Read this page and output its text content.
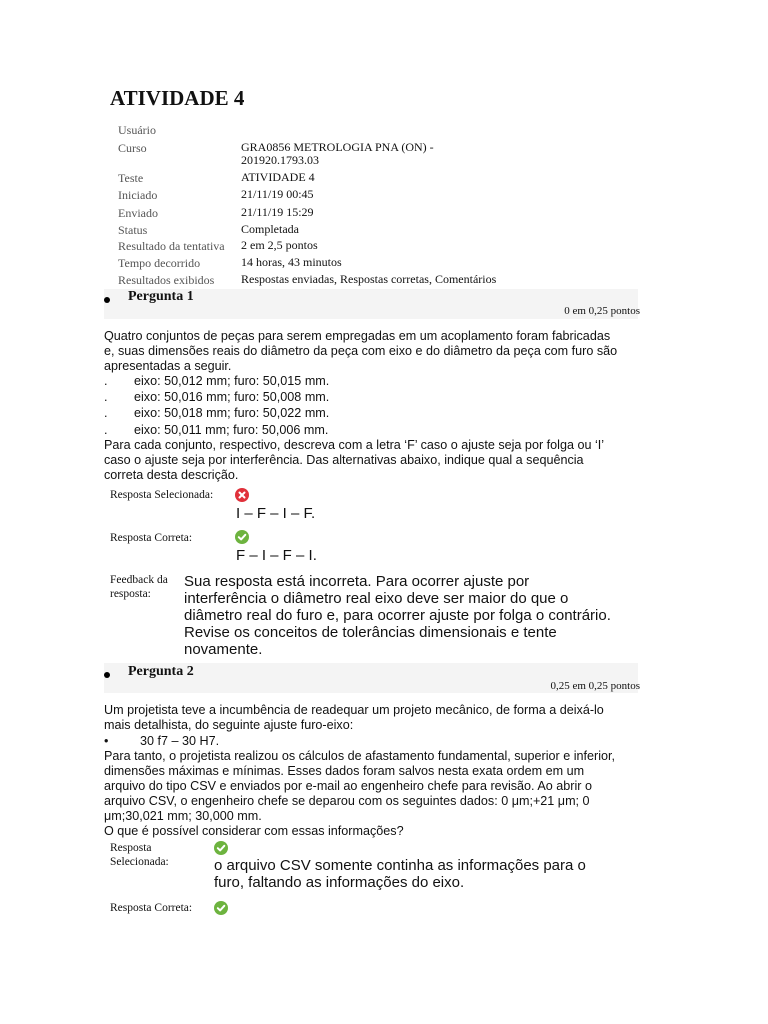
ATIVIDADE 4
Usuário
Curso	GRA0856 METROLOGIA PNA (ON) -
201920.1793.03
Teste	ATIVIDADE 4
Iniciado	21/11/19 00:45
Enviado	21/11/19 15:29
Status	Completada
Resultado da tentativa 2 em 2,5 pontos
Tempo decorrido	14 horas, 43 minutos
Resultados exibidos Respostas enviadas, Respostas corretas, Comentários
Pergunta 1
0 em 0,25 pontos
Quatro conjuntos de peças para serem empregadas em um acoplamento foram fabricadas
e, suas dimensões reais do diâmetro da peça com eixo e do diâmetro da peça com furo são
apresentadas a seguir.
. eixo: 50,012 mm; furo: 50,015 mm.
. eixo: 50,016 mm; furo: 50,008 mm.
. eixo: 50,018 mm; furo: 50,022 mm.
. eixo: 50,011 mm; furo: 50,006 mm.
Para cada conjunto, respectivo, descreva com a letra ‘F’ caso o ajuste seja por folga ou ‘I’
caso o ajuste seja por interferência. Das alternativas abaixo, indique qual a sequência
correta desta descrição.
Resposta Selecionada:
I – F – I – F.
Resposta Correta:
F – I – F – I.
Feedback da
resposta:
Sua resposta está incorreta. Para ocorrer ajuste por
interferência o diâmetro real eixo deve ser maior do que o
diâmetro real do furo e, para ocorrer ajuste por folga o contrário.
Revise os conceitos de tolerâncias dimensionais e tente
novamente.
Pergunta 2
0,25 em 0,25 pontos
Um projetista teve a incumbência de readequar um projeto mecânico, de forma a deixá-lo
mais detalhista, do seguinte ajuste furo-eixo:
•	30 f7 – 30 H7.
Para tanto, o projetista realizou os cálculos de afastamento fundamental, superior e inferior,
dimensões máximas e mínimas. Esses dados foram salvos nesta exata ordem em um
arquivo do tipo CSV e enviados por e-mail ao engenheiro chefe para revisão. Ao abrir o
arquivo CSV, o engenheiro chefe se deparou com os seguintes dados: 0 μm;+21 μm; 0
μm;30,021 mm; 30,000 mm.
O que é possível considerar com essas informações?
Resposta
Selecionada:	o arquivo CSV somente continha as informações para o
furo, faltando as informações do eixo.
Resposta Correta:
